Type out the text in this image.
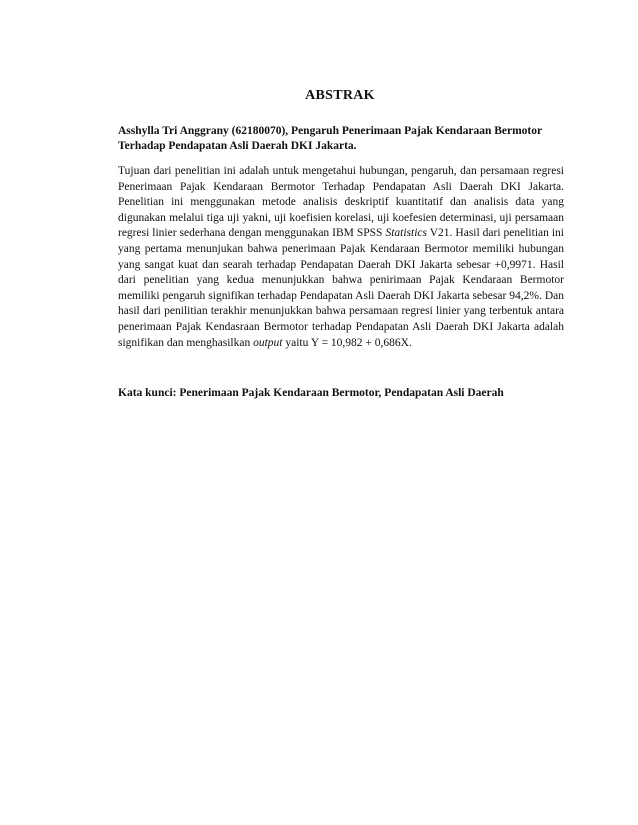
ABSTRAK
Asshylla Tri Anggrany (62180070), Pengaruh Penerimaan Pajak Kendaraan Bermotor Terhadap Pendapatan Asli Daerah DKI Jakarta.

Tujuan dari penelitian ini adalah untuk mengetahui hubungan, pengaruh, dan persamaan regresi Penerimaan Pajak Kendaraan Bermotor Terhadap Pendapatan Asli Daerah DKI Jakarta. Penelitian ini menggunakan metode analisis deskriptif kuantitatif dan analisis data yang digunakan melalui tiga uji yakni, uji koefisien korelasi, uji koefesien determinasi, uji persamaan regresi linier sederhana dengan menggunakan IBM SPSS Statistics V21. Hasil dari penelitian ini yang pertama menunjukan bahwa penerimaan Pajak Kendaraan Bermotor memiliki hubungan yang sangat kuat dan searah terhadap Pendapatan Daerah DKI Jakarta sebesar +0,9971. Hasil dari penelitian yang kedua menunjukkan bahwa penirimaan Pajak Kendaraan Bermotor memiliki pengaruh signifikan terhadap Pendapatan Asli Daerah DKI Jakarta sebesar 94,2%. Dan hasil dari penilitian terakhir menunjukkan bahwa persamaan regresi linier yang terbentuk antara penerimaan Pajak Kendasraan Bermotor terhadap Pendapatan Asli Daerah DKI Jakarta adalah signifikan dan menghasilkan output yaitu Y = 10,982 + 0,686X.

Kata kunci: Penerimaan Pajak Kendaraan Bermotor, Pendapatan Asli Daerah
